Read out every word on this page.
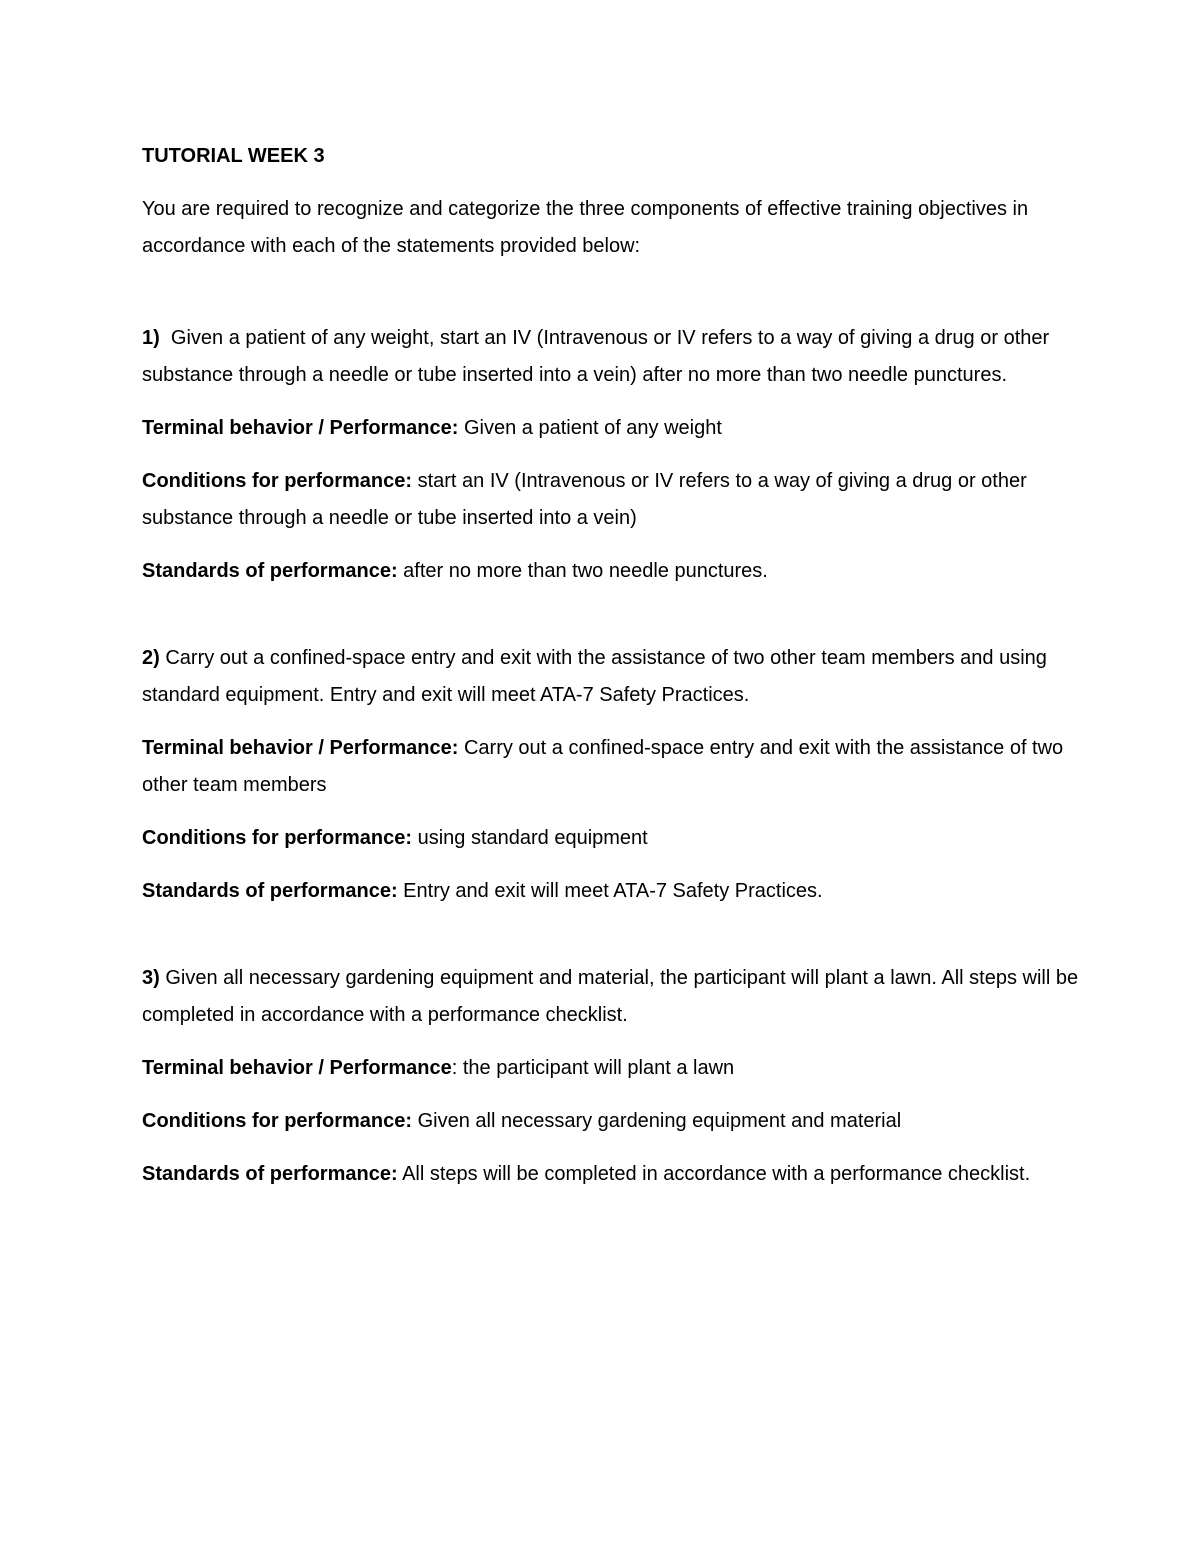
TUTORIAL WEEK 3

You are required to recognize and categorize the three components of effective training objectives in accordance with each of the statements provided below:

1) Given a patient of any weight, start an IV (Intravenous or IV refers to a way of giving a drug or other substance through a needle or tube inserted into a vein) after no more than two needle punctures.

Terminal behavior / Performance: Given a patient of any weight

Conditions for performance: start an IV (Intravenous or IV refers to a way of giving a drug or other substance through a needle or tube inserted into a vein)

Standards of performance: after no more than two needle punctures.

2) Carry out a confined-space entry and exit with the assistance of two other team members and using standard equipment. Entry and exit will meet ATA-7 Safety Practices.

Terminal behavior / Performance: Carry out a confined-space entry and exit with the assistance of two other team members

Conditions for performance: using standard equipment

Standards of performance: Entry and exit will meet ATA-7 Safety Practices.

3) Given all necessary gardening equipment and material, the participant will plant a lawn. All steps will be completed in accordance with a performance checklist.

Terminal behavior / Performance: the participant will plant a lawn

Conditions for performance: Given all necessary gardening equipment and material

Standards of performance: All steps will be completed in accordance with a performance checklist.
